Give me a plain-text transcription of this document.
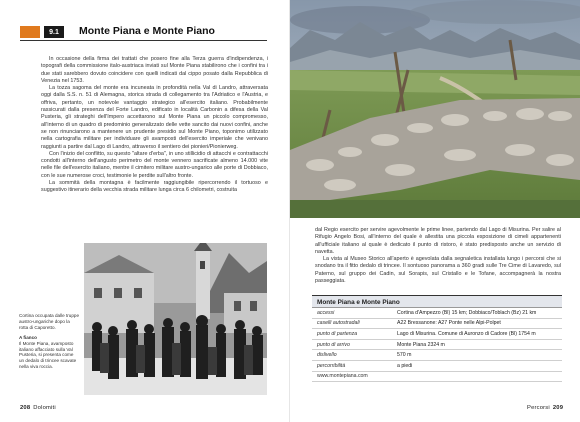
9.1	Monte Piana e Monte Piano

In occasione della firma dei trattati che posero fine alla Terza guerra d'indipendenza, i topografi della commissione italo-austriaca inviati sul Monte Piana stabilirono che i confini tra i due stati sarebbero dovuto coincidere con quelli indicati dal cippo posato dalla Repubblica di Venezia nel 1753.

La tozza sagoma del monte era incuneata in profondità nella Val di Landro, attraversata oggi dalla S.S. n. 51 di Alemagna, storica strada di collegamento tra l'Adriatico e l'Austria, e offriva, pertanto, un notevole vantaggio strategico all'esercito italiano. Probabilmente rassicurati dalla presenza del Forte Landro, edificato in località Carbonin a difesa della Val Pusteria, gli strateghi dell'Impero accettarono sul Monte Piana un piccolo compromesso, all'interno di un quadro di predominio generalizzato delle vette sancito dai nuovi confini, anche se non rinunciarono a mantenere un prudente presidio sul Monte Piano, toponimo utilizzato nella cartografia militare per individuare gli avamposti dell'esercito imperiale che venivano raggiunti a partire dal Lago di Landro, attraverso il sentiero dei pionieri/Pionierweg.

Con l'inizio del conflitto, su questo "altare d'erba", in uno stillicidio di attacchi e contrattacchi condotti all'interno dell'angusto perimetro del monte vennero sacrificate almeno 14.000 vite nelle file dell'esercito italiano, mentre il cimitero militare austro-ungarico alle porte di Dobbiaco, con le sue numerose croci, testimonie le perdite sull'altro fronte.

La sommità della montagna è facilmente raggiungibile ripercorrendo il tortuoso e suggestivo itinerario della vecchia strada militare lunga circa 6 chilometri, costruita

Cortina occupata dalle truppe austro-ungariche dopo la rotta di Caporetto.

A fianco

Il Monte Piana, avamposto italiano affacciato sulla Val Pusteria, si presenta come un dedalo di trincee scavate nella viva roccia.

208 Dolomiti

dal Regio esercito per servire agevolmente le prime linee, partendo dal Lago di Misurina. Per salire al Rifugio Angelo Bosi, all'interno del quale è allestita una piccola esposizione di cimeli appartenenti all'ufficiale italiano al quale è dedicato il punto di ristoro, è stato predisposto anche un servizio di navetta.

La vista al Museo Storico all'aperto è agevolata dalla segnaletica installata lungo i percorsi che si snodano tra il fitto dedalo di trincee. Il sontuoso panorama a 360 gradi sulle Tre Cime di Lavaredo, sul Paterno, sul gruppo dei Cadin, sul Sorapis, sul Cristallo e le Tofane, accompagnerà la nostra passeggiata.

Monte Piana e Monte Piano
accessi	Cortina d'Ampezzo (Bl) 15 km; Dobbiaco/Toblach (Bz) 21 km
caselli autostradali	A22 Bressanone: A27 Ponte nelle Alpi-Polpet
punto di partenza	Lago di Misurina. Comune di Auronzo di Cadore (Bl) 1754 m
punto di arrivo	Monte Piana 2324 m
dislivello	570 m
percorribilità	a piedi
www.montepiana.com
Percorsi 209
